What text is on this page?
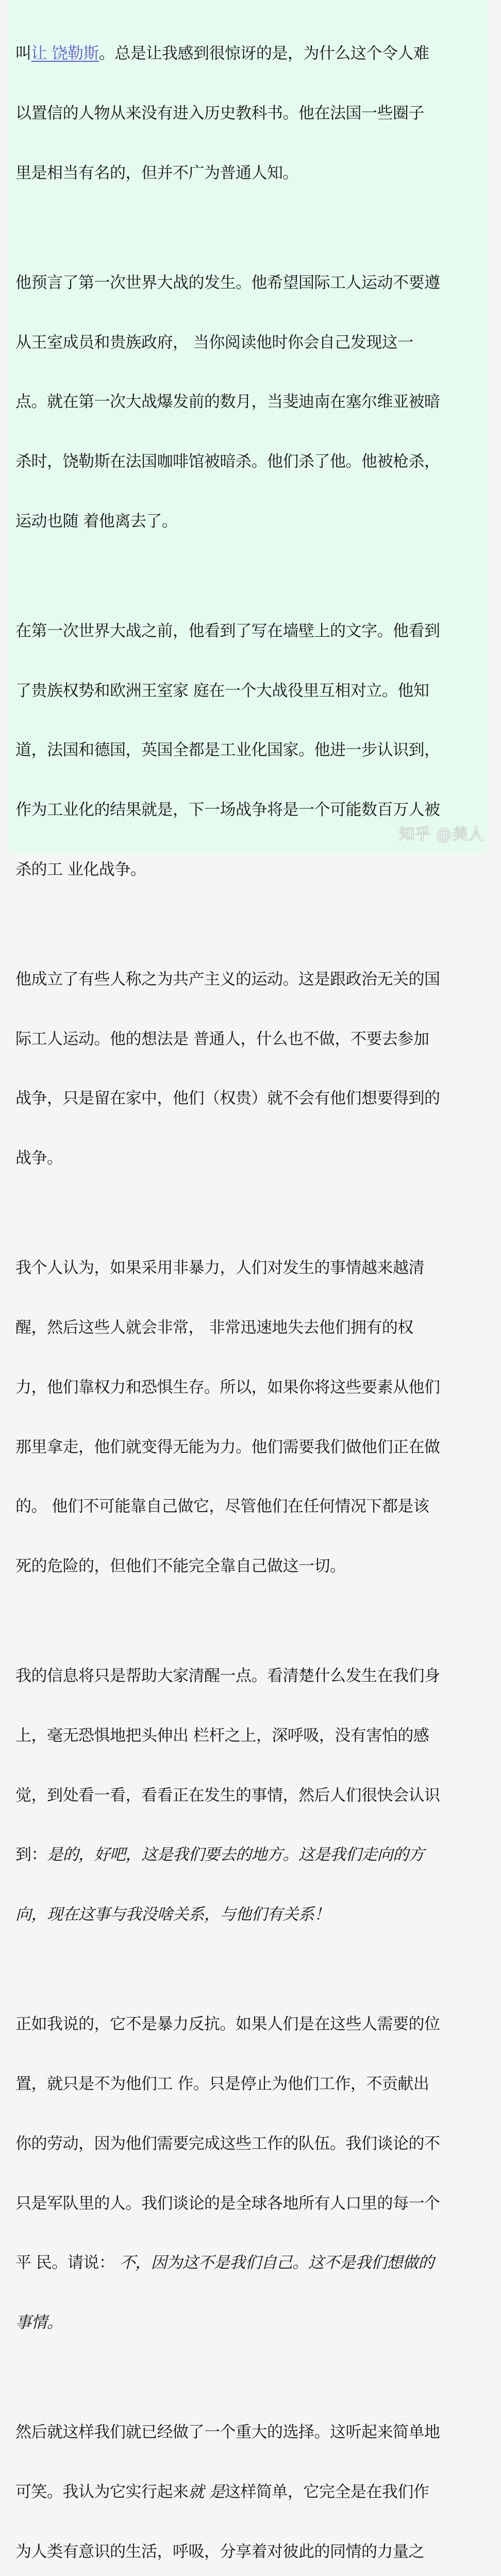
叫让 饶勒斯。总是让我感到很惊讶的是，为什么这个令人难

以置信的人物从来没有进入历史教科书。他在法国一些圈子

里是相当有名的，但并不广为普通人知。

他预言了第一次世界大战的发生。他希望国际工人运动不要遵

从王室成员和贵族政府， 当你阅读他时你会自己发现这一

点。就在第一次大战爆发前的数月，当斐迪南在塞尔维亚被暗

杀时，饶勒斯在法国咖啡馆被暗杀。他们杀了他。他被枪杀，

运动也随 着他离去了。

在第一次世界大战之前，他看到了写在墙壁上的文字。他看到

了贵族权势和欧洲王室家 庭在一个大战役里互相对立。他知

道，法国和德国，英国全都是工业化国家。他进一步认识到，

作为工业化的结果就是，下一场战争将是一个可能数百万人被

杀的工 业化战争。

他成立了有些人称之为共产主义的运动。这是跟政治无关的国

际工人运动。他的想法是 普通人，什么也不做，不要去参加

战争，只是留在家中，他们（权贵）就不会有他们想要得到的

战争。

我个人认为，如果采用非暴力，人们对发生的事情越来越清

醒，然后这些人就会非常， 非常迅速地失去他们拥有的权

力，他们靠权力和恐惧生存。所以，如果你将这些要素从他们

那里拿走，他们就变得无能为力。他们需要我们做他们正在做

的。 他们不可能靠自己做它，尽管他们在任何情况下都是该

死的危险的，但他们不能完全靠自己做这一切。

我的信息将只是帮助大家清醒一点。看清楚什么发生在我们身

上，毫无恐惧地把头伸出 栏杆之上，深呼吸，没有害怕的感

觉，到处看一看，看看正在发生的事情，然后人们很快会认识

到：是的，好吧，这是我们要去的地方。这是我们走向的方

向，现在这事与我没啥关系，与他们有关系！

正如我说的，它不是暴力反抗。如果人们是在这些人需要的位

置，就只是不为他们工 作。只是停止为他们工作，不贡献出

你的劳动，因为他们需要完成这些工作的队伍。我们谈论的不

只是军队里的人。我们谈论的是全球各地所有人口里的每一个

平 民。请说： 不，因为这不是我们自己。这不是我们想做的

事情。

然后就这样我们就已经做了一个重大的选择。这听起来简单地

可笑。我认为它实行起来就 是这样简单，它完全是在我们作

为人类有意识的生活，呼吸，分享着对彼此的同情的力量之

知乎 @美人
